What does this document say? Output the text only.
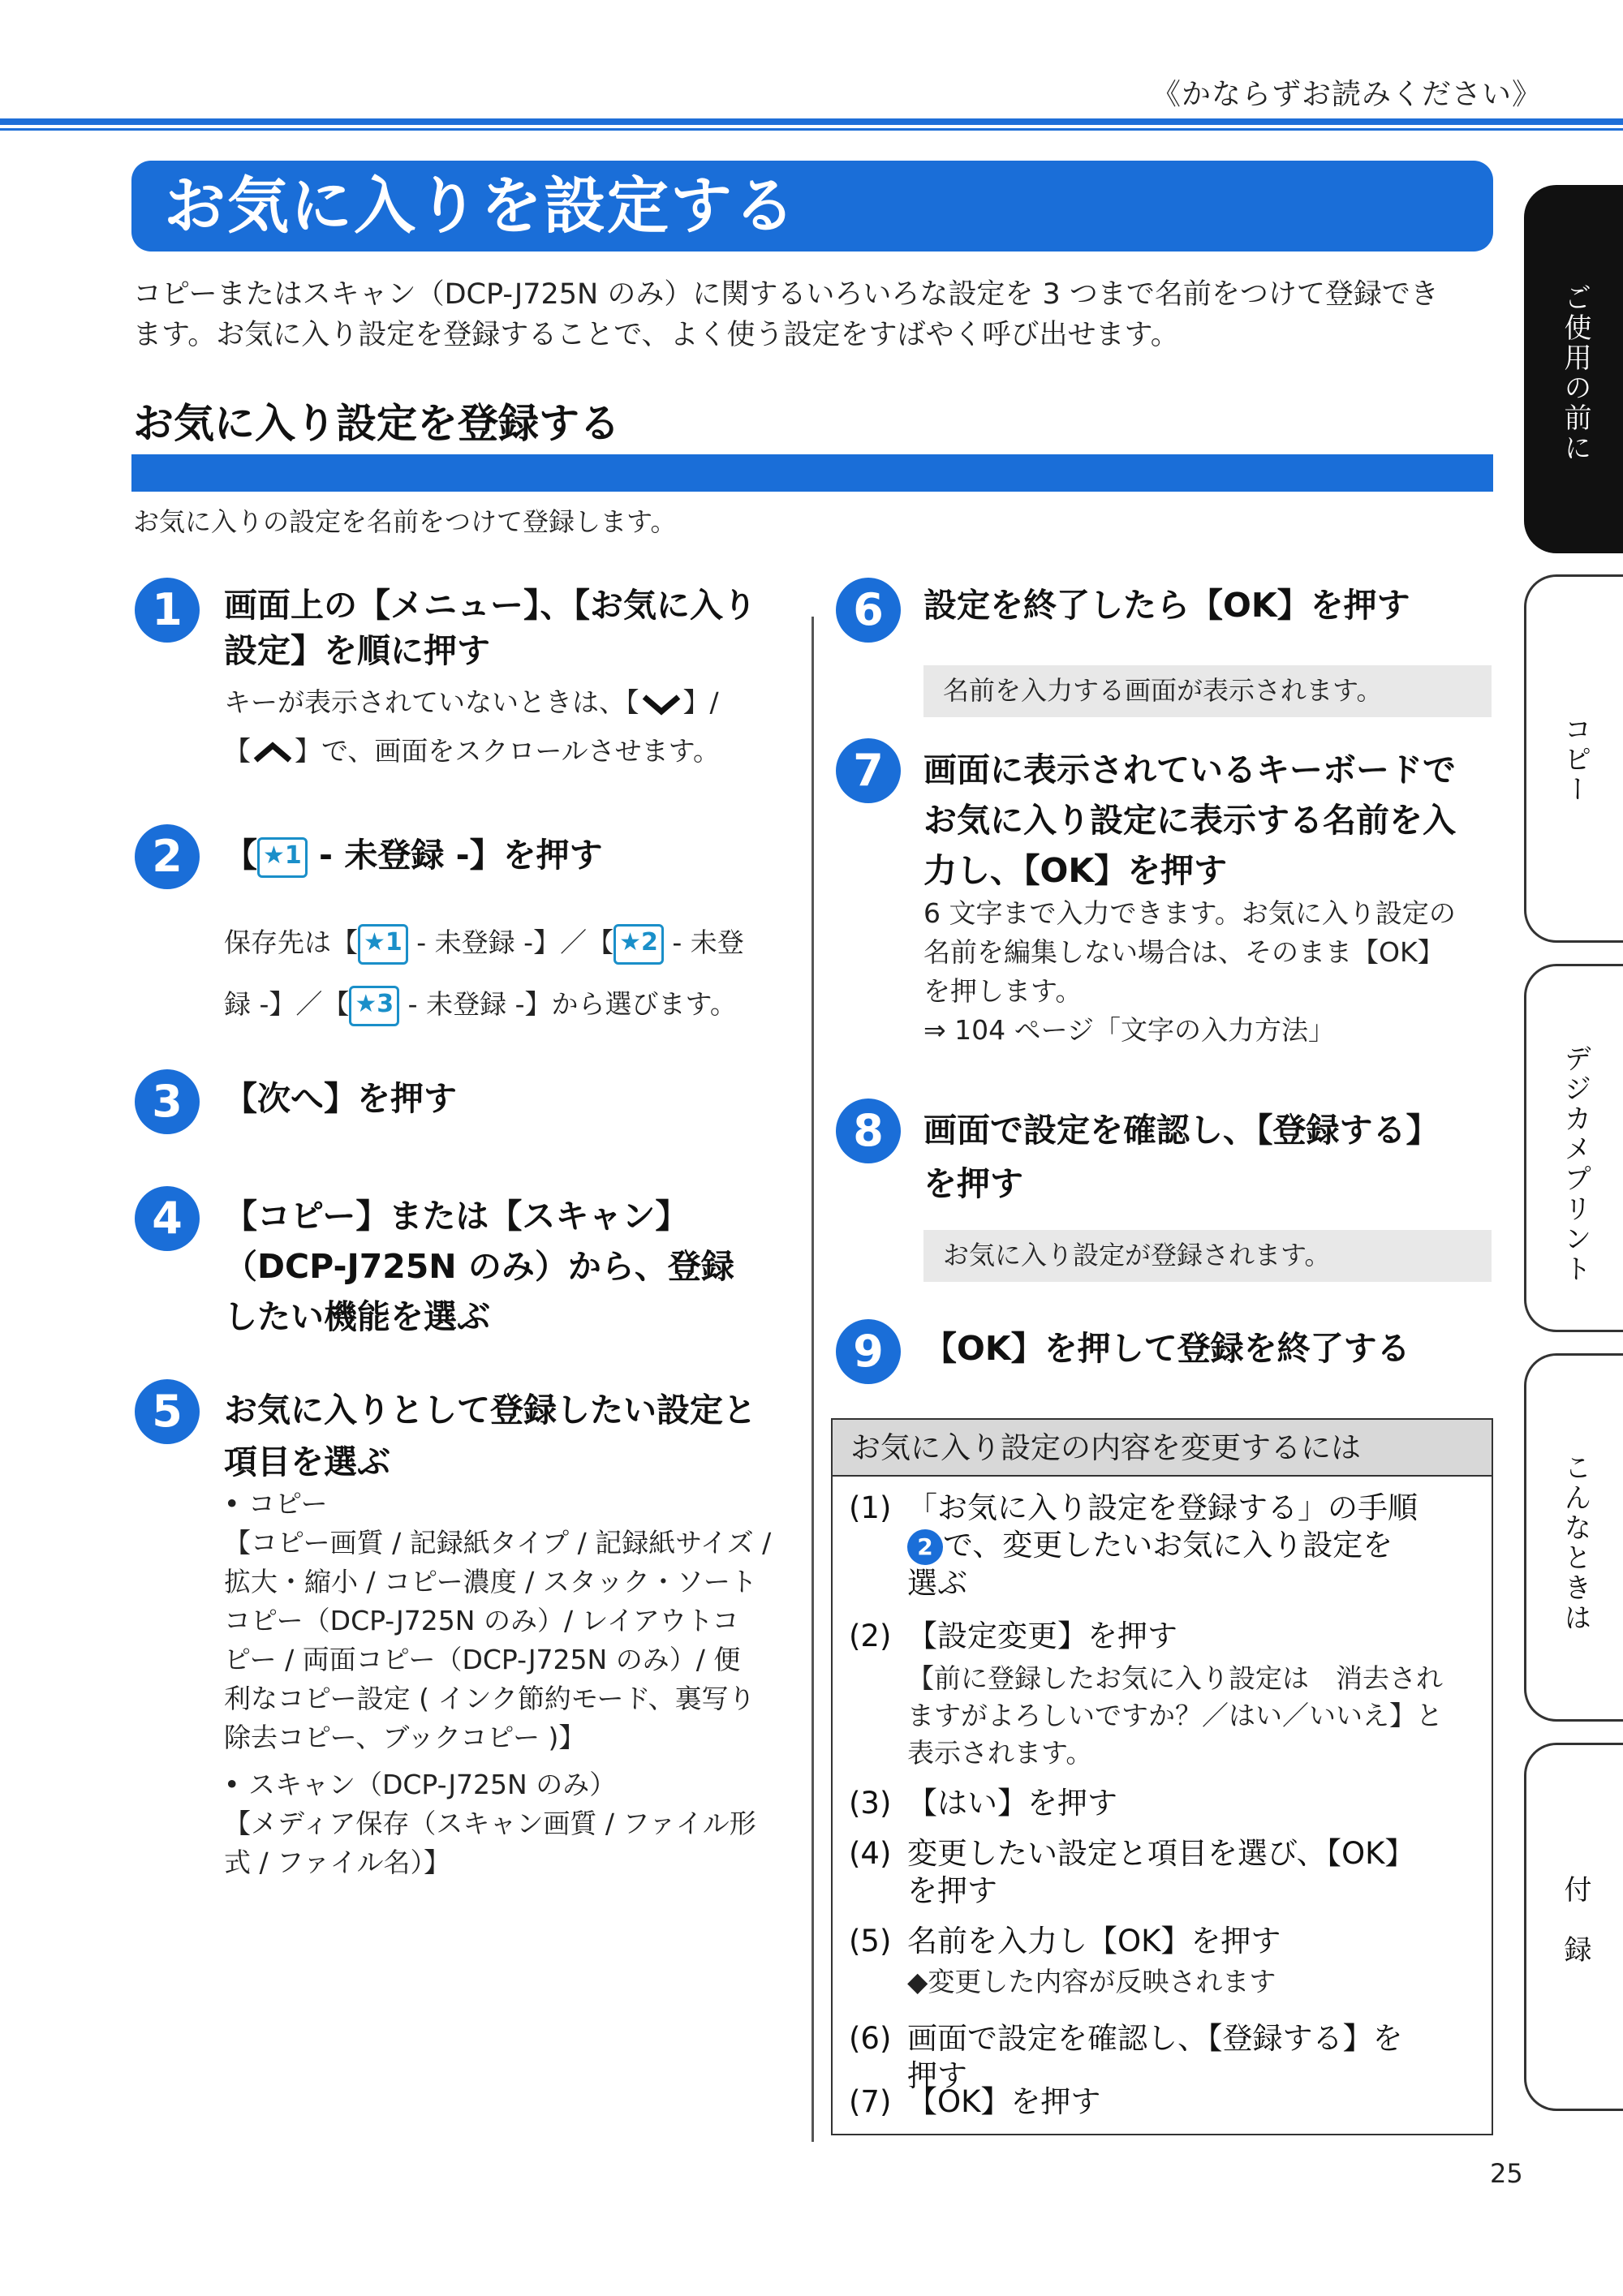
《かならずお読みください》
お気に入りを設定する
コピーまたはスキャン（DCP-J725N のみ）に関するいろいろな設定を 3 つまで名前をつけて登録でき
ます。お気に入り設定を登録することで、よく使う設定をすばやく呼び出せます。
お気に入り設定を登録する
お気に入りの設定を名前をつけて登録します。
1	画面上の【メニュー】、【お気に入り
設定】を順に押す
キーが表示されていないときは、【 】/
【 】で、画面をスクロールさせます。
2	【 ★1 - 未登録 -】を押す
保存先は【 ★1 - 未登録 -】／【 ★2 - 未登
録 -】／【 ★3 - 未登録 -】から選びます。
3	【次へ】を押す
4	【コピー】または【スキャン】
（DCP-J725N のみ）から、登録
したい機能を選ぶ
5	お気に入りとして登録したい設定と
項目を選ぶ
• コピー
【コピー画質 / 記録紙タイプ / 記録紙サイズ /
拡大・縮小 / コピー濃度 / スタック・ソート
コピー（DCP-J725N のみ）/ レイアウトコ
ピー / 両面コピー（DCP-J725N のみ）/ 便
利なコピー設定 ( インク節約モード、裏写り
除去コピー、ブックコピー )】
• スキャン（DCP-J725N のみ）
【メディア保存（スキャン画質 / ファイル形
式 / ファイル名）】
6	設定を終了したら【OK】を押す
名前を入力する画面が表示されます。
7	画面に表示されているキーボードで
お気に入り設定に表示する名前を入
力し、【OK】を押す
6 文字まで入力できます。お気に入り設定の
名前を編集しない場合は、そのまま【OK】
を押します。
⇒ 104 ページ「文字の入力方法」
8	画面で設定を確認し、【登録する】
を押す
お気に入り設定が登録されます。
9	【OK】を押して登録を終了する
お気に入り設定の内容を変更するには
(1) 「お気に入り設定を登録する」の手順
2 で、変更したいお気に入り設定を
選ぶ
(2) 【設定変更】を押す
【前に登録したお気に入り設定は　消去され
ますがよろしいですか？／はい／いいえ】と
表示されます。
(3) 【はい】を押す
(4) 変更したい設定と項目を選び、【OK】
を押す
(5) 名前を入力し【OK】を押す
◆変更した内容が反映されます
(6) 画面で設定を確認し、【登録する】を
押す
(7) 【OK】を押す
ご使用の前に
コピー
デジカメプリント
こんなときは
付　録
25
